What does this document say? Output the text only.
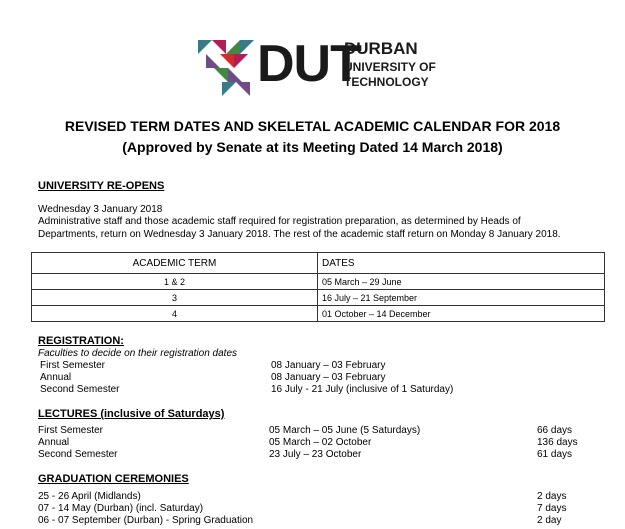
DUT
DURBAN
UNIVERSITY OF
TECHNOLOGY
REVISED TERM DATES AND SKELETAL ACADEMIC CALENDAR FOR 2018
(Approved by Senate at its Meeting Dated 14 March 2018)
UNIVERSITY RE-OPENS
Wednesday 3 January 2018
Administrative staff and those academic staff required for registration preparation, as determined by Heads of
Departments, return on Wednesday 3 January 2018. The rest of the academic staff return on Monday 8 January 2018.
ACADEMIC TERM	DATES
1 & 2	05 March – 29 June
3	16 July – 21 September
4	01 October – 14 December
REGISTRATION:
Faculties to decide on their registration dates
First Semester	08 January – 03 February
Annual	08 January – 03 February
Second Semester	16 July - 21 July (inclusive of 1 Saturday)
LECTURES (inclusive of Saturdays)
First Semester	05 March – 05 June (5 Saturdays)	66 days
Annual	05 March – 02 October	136 days
Second Semester	23 July – 23 October	61 days
GRADUATION CEREMONIES
25 - 26 April (Midlands)	2 days
07 - 14 May (Durban) (incl. Saturday)	7 days
06 - 07 September (Durban) - Spring Graduation	2 day
